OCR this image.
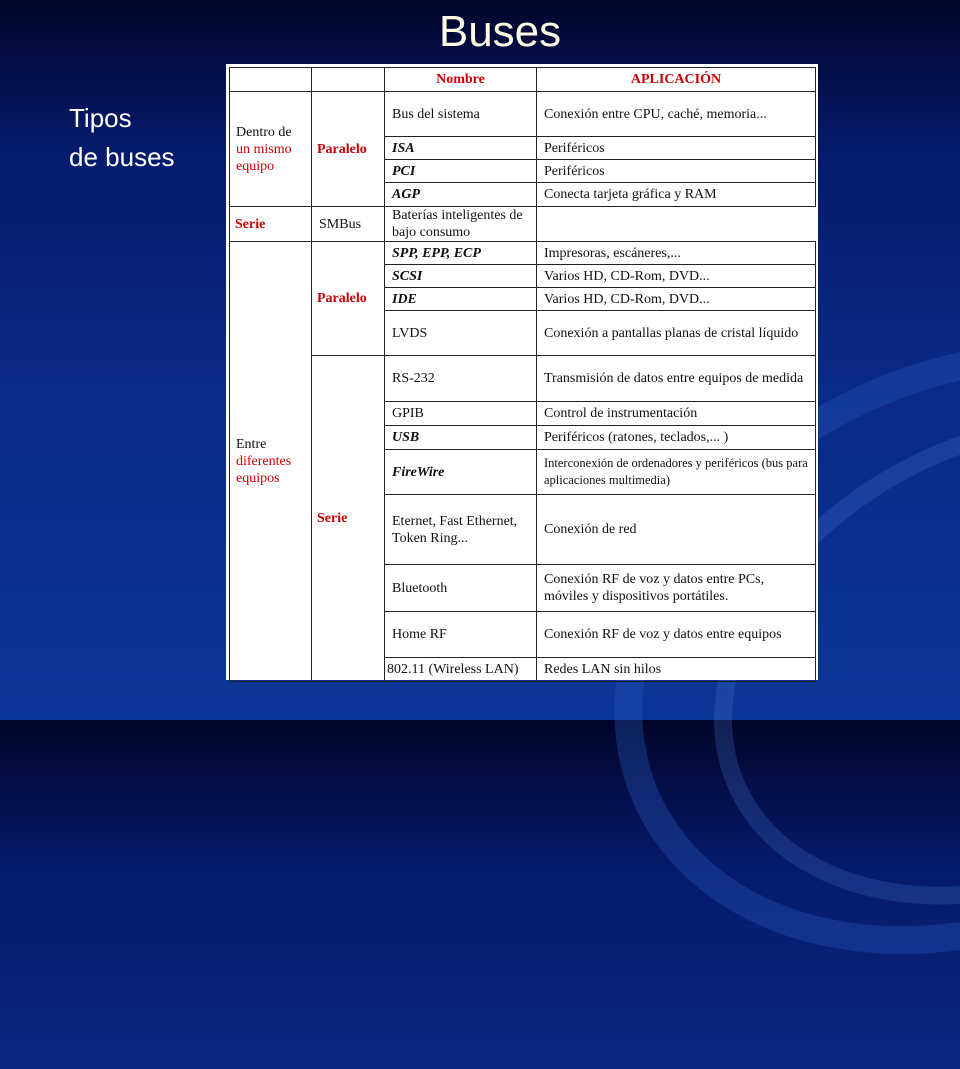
Buses
Tipos
de buses
		Nombre	APLICACIÓN
Dentro de
un mismo
equipo	Paralelo	Bus del sistema	Conexión entre CPU, caché, memoria...
		ISA	Periféricos
		PCI	Periféricos
		AGP	Conecta tarjeta gráfica y RAM
Serie	SMBus	Baterías inteligentes de bajo consumo	
Entre
diferentes
equipos	Paralelo	SPP, EPP, ECP	Impresoras, escáneres,...
		SCSI	Varios HD, CD-Rom, DVD...
		IDE	Varios HD, CD-Rom, DVD...
		LVDS	Conexión a pantallas planas de cristal líquido
	Serie	RS-232	Transmisión de datos entre equipos de medida
		GPIB	Control de instrumentación
		USB	Periféricos (ratones, teclados,... )
		FireWire	Interconexión de ordenadores y periféricos (bus para aplicaciones multimedia)
		Eternet, Fast Ethernet, Token Ring...	Conexión de red
		Bluetooth	Conexión RF de voz y datos entre PCs, móviles y dispositivos portátiles.
		Home RF	Conexión RF de voz y datos entre equipos
		802.11 (Wireless LAN)	Redes LAN sin hilos
